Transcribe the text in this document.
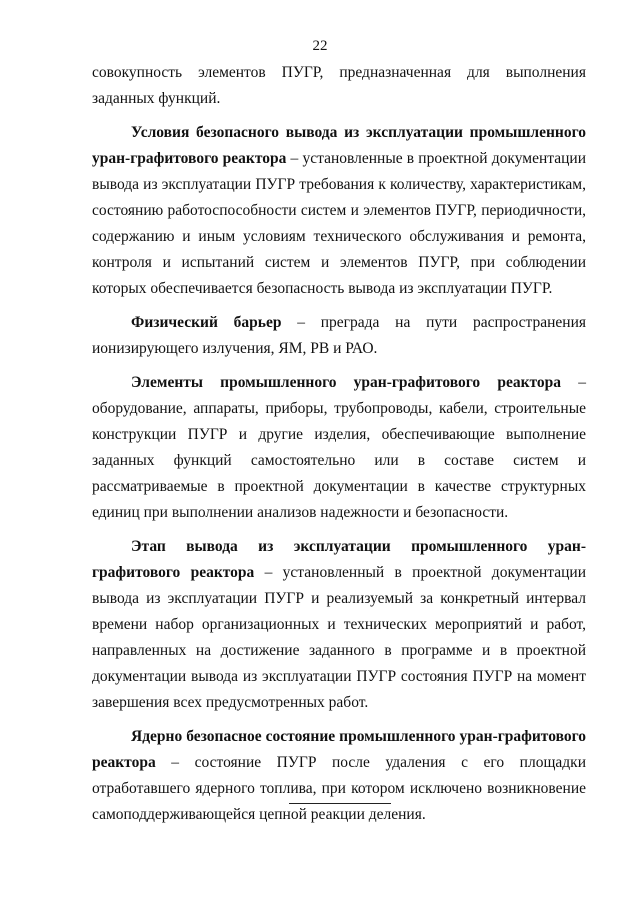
22

совокупность элементов ПУГР, предназначенная для выполнения заданных функций.

Условия безопасного вывода из эксплуатации промышленного уран-графитового реактора – установленные в проектной документации вывода из эксплуатации ПУГР требования к количеству, характеристикам, состоянию работоспособности систем и элементов ПУГР, периодичности, содержанию и иным условиям технического обслуживания и ремонта, контроля и испытаний систем и элементов ПУГР, при соблюдении которых обеспечивается безопасность вывода из эксплуатации ПУГР.

Физический барьер – преграда на пути распространения ионизирующего излучения, ЯМ, РВ и РАО.

Элементы промышленного уран-графитового реактора – оборудование, аппараты, приборы, трубопроводы, кабели, строительные конструкции ПУГР и другие изделия, обеспечивающие выполнение заданных функций самостоятельно или в составе систем и рассматриваемые в проектной документации в качестве структурных единиц при выполнении анализов надежности и безопасности.

Этап вывода из эксплуатации промышленного уран-графитового реактора – установленный в проектной документации вывода из эксплуатации ПУГР и реализуемый за конкретный интервал времени набор организационных и технических мероприятий и работ, направленных на достижение заданного в программе и в проектной документации вывода из эксплуатации ПУГР состояния ПУГР на момент завершения всех предусмотренных работ.

Ядерно безопасное состояние промышленного уран-графитового реактора – состояние ПУГР после удаления с его площадки отработавшего ядерного топлива, при котором исключено возникновение самоподдерживающейся цепной реакции деления.
